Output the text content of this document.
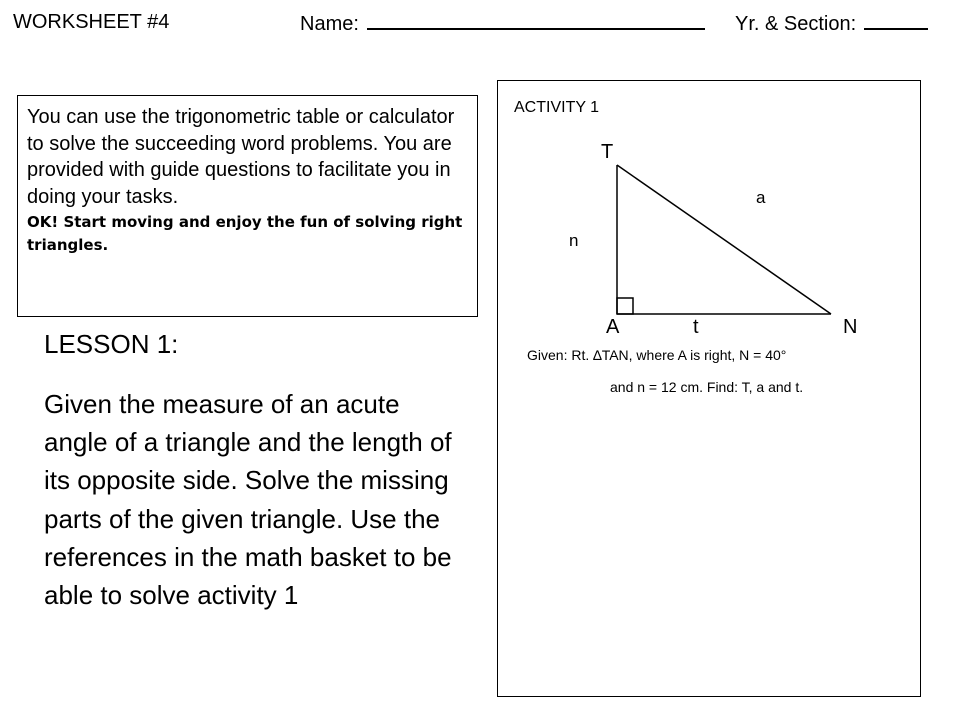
WORKSHEET #4	Name:	Yr. & Section:
You can use the trigonometric table or calculator to solve the succeeding word problems. You are provided with guide questions to facilitate you in doing your tasks.
OK! Start moving and enjoy the fun of solving right triangles.
LESSON 1:
Given the measure of an acute angle of a triangle and the length of its opposite side. Solve the missing parts of the given triangle. Use the references in the math basket to be able to solve activity 1
ACTIVITY 1
T
A	N
a
n
t
Given: Rt. ∆TAN, where A is right, N = 40°
and n = 12 cm. Find: T, a and t.
